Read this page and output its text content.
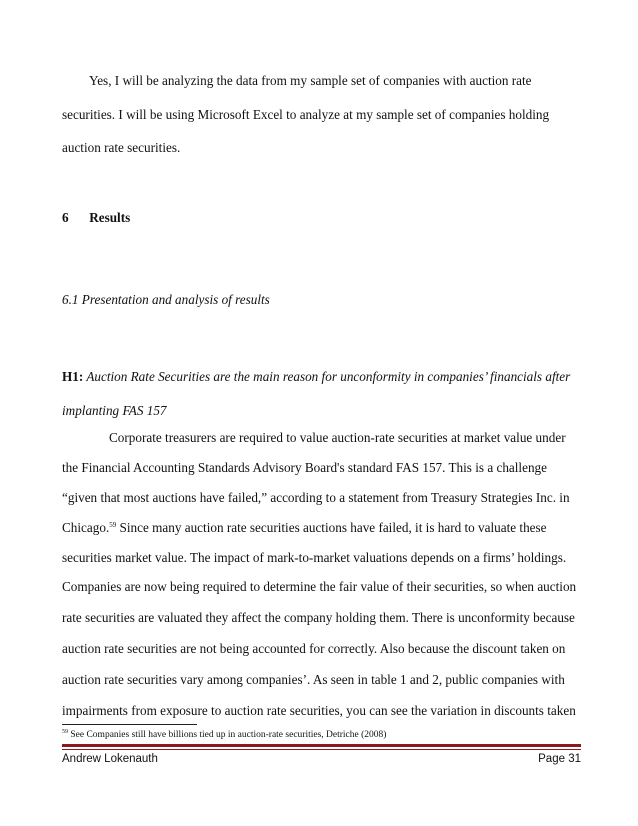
Yes, I will be analyzing the data from my sample set of companies with auction rate
securities. I will be using Microsoft Excel to analyze at my sample set of companies holding
auction rate securities.
6 Results
6.1 Presentation and analysis of results
H1: Auction Rate Securities are the main reason for unconformity in companies’ financials after
implanting FAS 157
Corporate treasurers are required to value auction-rate securities at market value under
the Financial Accounting Standards Advisory Board's standard FAS 157. This is a challenge
“given that most auctions have failed,” according to a statement from Treasury Strategies Inc. in
Chicago.$^{59}$ Since many auction rate securities auctions have failed, it is hard to valuate these
securities market value. The impact of mark-to-market valuations depends on a firms’ holdings.
Companies are now being required to determine the fair value of their securities, so when auction
rate securities are valuated they affect the company holding them. There is unconformity because
auction rate securities are not being accounted for correctly. Also because the discount taken on
auction rate securities vary among companies’. As seen in table 1 and 2, public companies with
$^{59}$ See Companies still have billions tied up in auction-rate securities, Detriche (2008)
Andrew Lokenauth	Page 31
impairments from exposure to auction rate securities, you can see the variation in discounts taken
